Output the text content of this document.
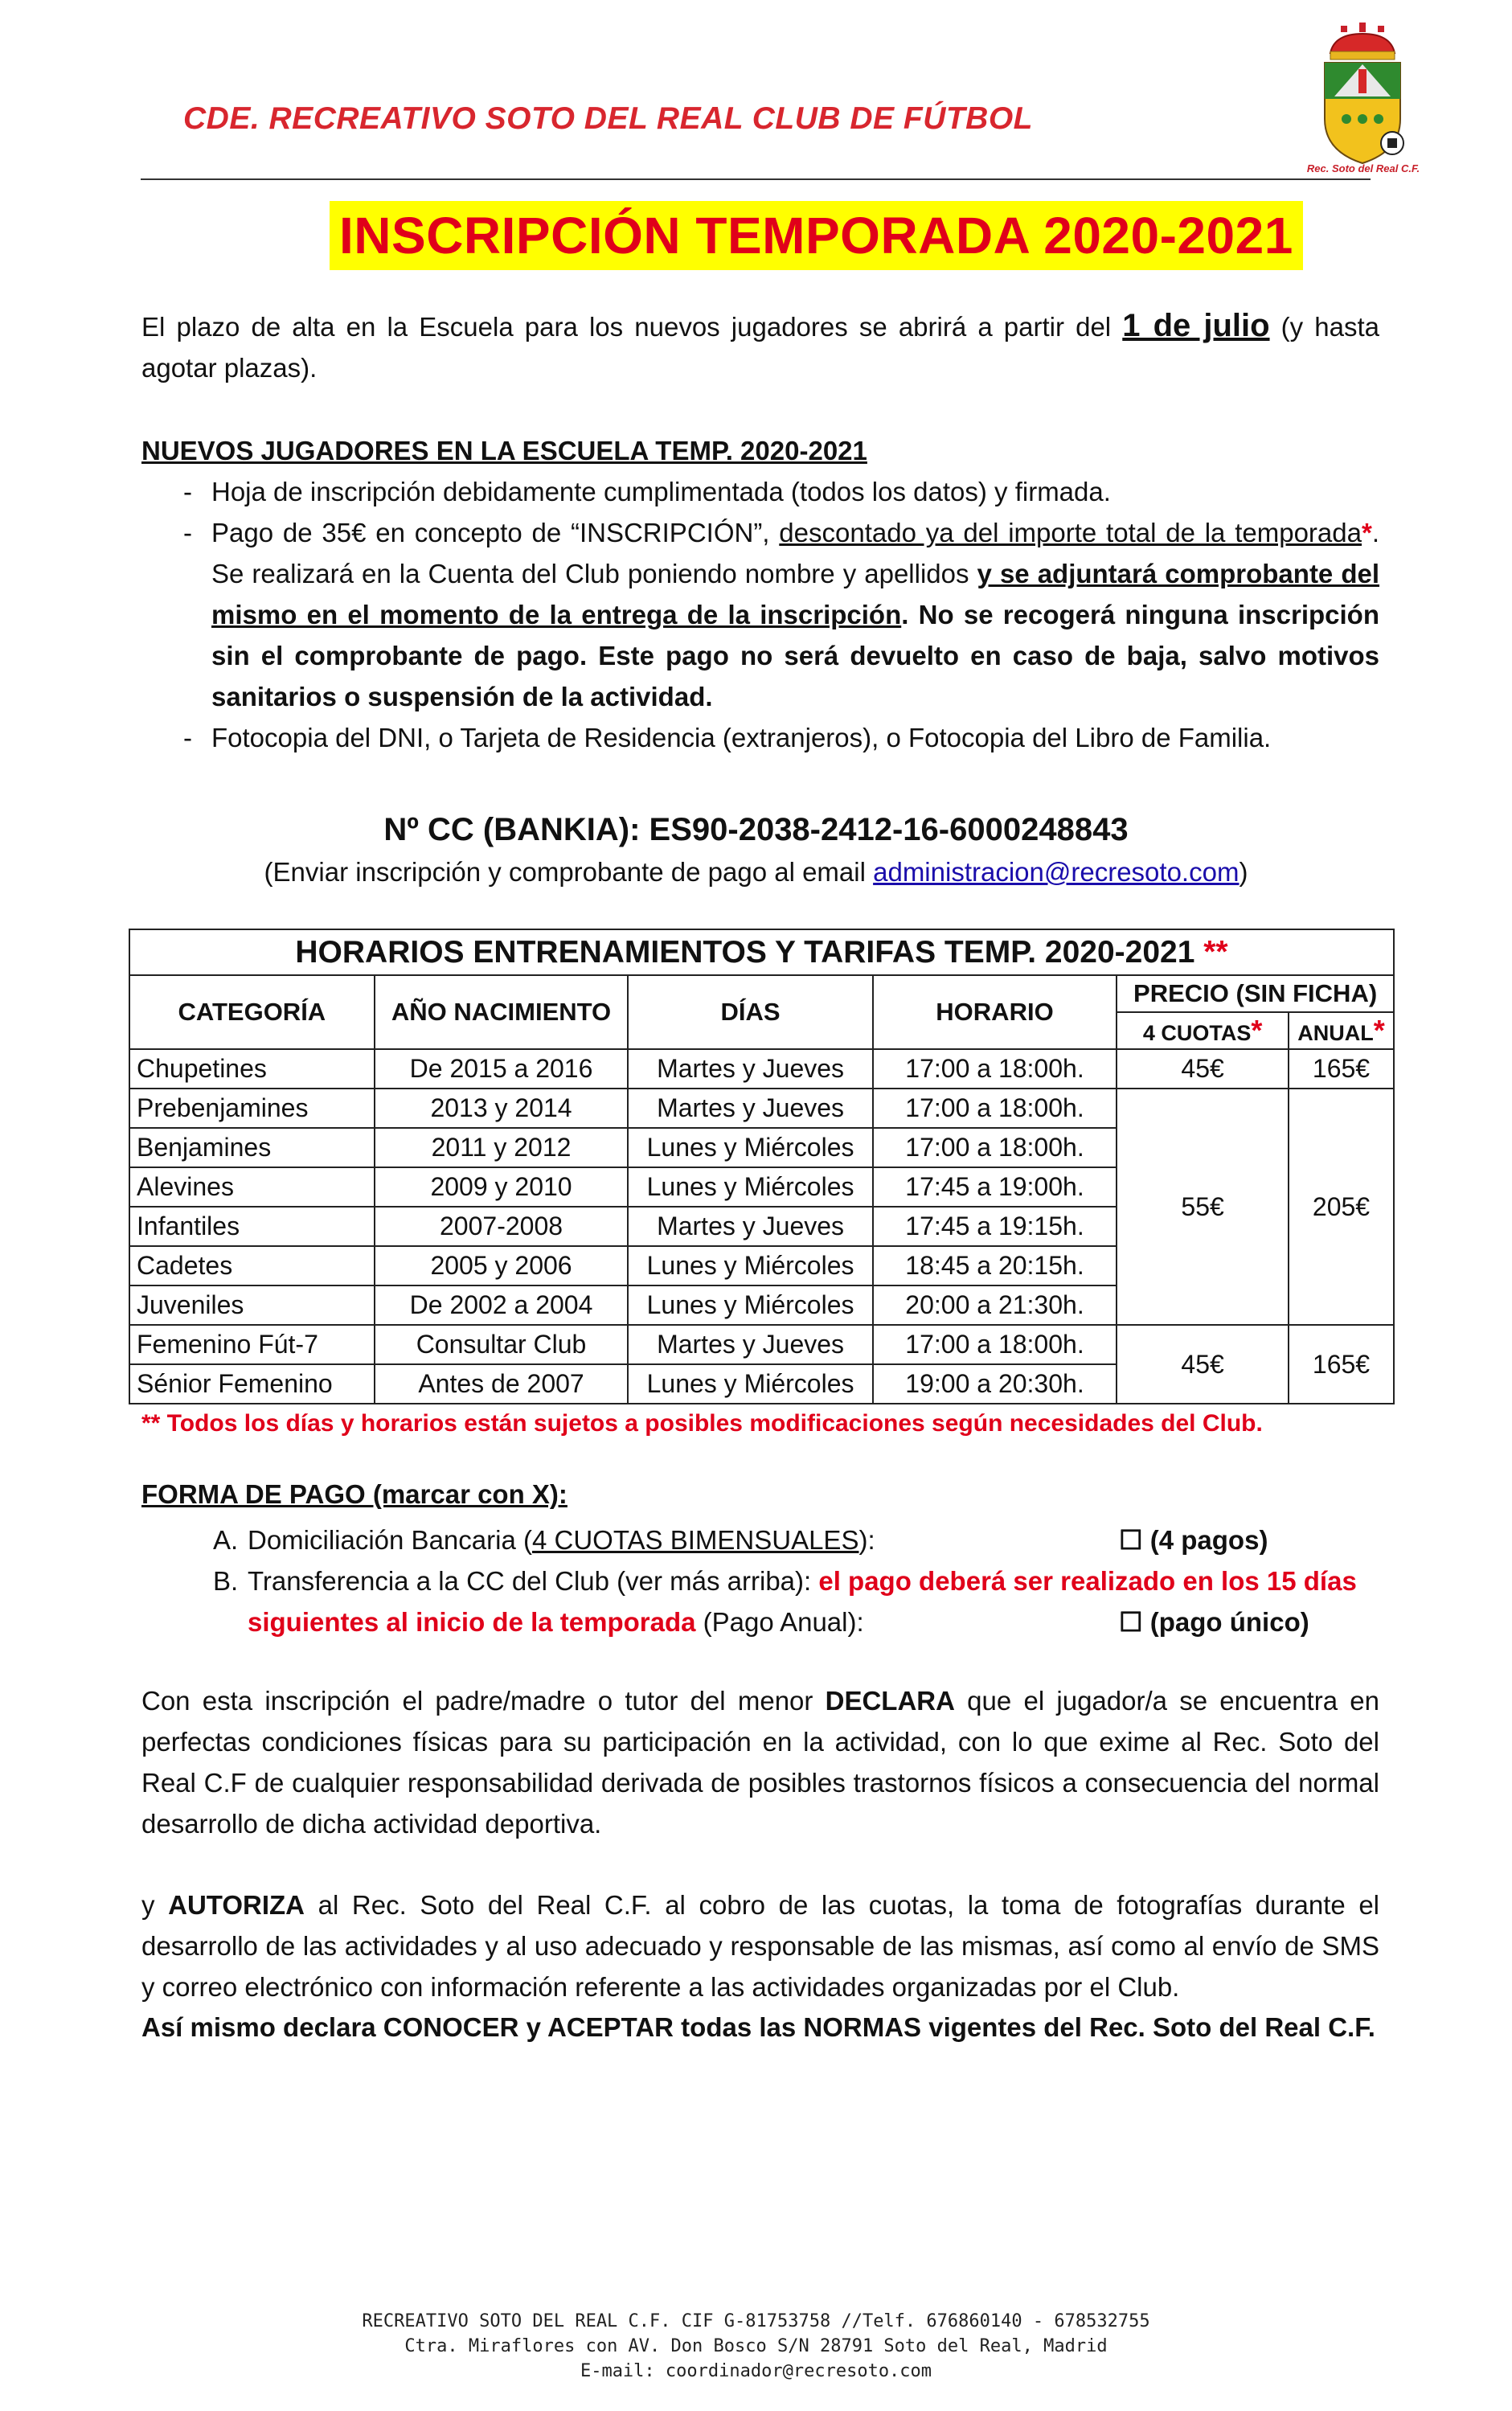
CDE. RECREATIVO SOTO DEL REAL CLUB DE FÚTBOL
Rec. Soto del Real C.F.
INSCRIPCIÓN TEMPORADA 2020-2021
El plazo de alta en la Escuela para los nuevos jugadores se abrirá a partir del 1 de julio (y hasta agotar plazas).
NUEVOS JUGADORES EN LA ESCUELA TEMP. 2020-2021
- Hoja de inscripción debidamente cumplimentada (todos los datos) y firmada.
- Pago de 35€ en concepto de “INSCRIPCIÓN”, descontado ya del importe total de la temporada*. Se realizará en la Cuenta del Club poniendo nombre y apellidos y se adjuntará comprobante del mismo en el momento de la entrega de la inscripción. No se recogerá ninguna inscripción sin el comprobante de pago. Este pago no será devuelto en caso de baja, salvo motivos sanitarios o suspensión de la actividad.
- Fotocopia del DNI, o Tarjeta de Residencia (extranjeros), o Fotocopia del Libro de Familia.
Nº CC (BANKIA): ES90-2038-2412-16-6000248843
(Enviar inscripción y comprobante de pago al email administracion@recresoto.com)
HORARIOS ENTRENAMIENTOS Y TARIFAS TEMP. 2020-2021 **					
CATEGORÍA	AÑO NACIMIENTO	DÍAS	HORARIO	PRECIO (SIN FICHA)	
				4 CUOTAS*	ANUAL*
Chupetines	De 2015 a 2016	Martes y Jueves	17:00 a 18:00h.	45€	165€
Prebenjamines	2013 y 2014	Martes y Jueves	17:00 a 18:00h.	55€	205€
Benjamines	2011 y 2012	Lunes y Miércoles	17:00 a 18:00h.		
Alevines	2009 y 2010	Lunes y Miércoles	17:45 a 19:00h.		
Infantiles	2007-2008	Martes y Jueves	17:45 a 19:15h.		
Cadetes	2005 y 2006	Lunes y Miércoles	18:45 a 20:15h.		
Juveniles	De 2002 a 2004	Lunes y Miércoles	20:00 a 21:30h.		
Femenino Fút-7	Consultar Club	Martes y Jueves	17:00 a 18:00h.	45€	165€
Sénior Femenino	Antes de 2007	Lunes y Miércoles	19:00 a 20:30h.		
** Todos los días y horarios están sujetos a posibles modificaciones según necesidades del Club.
FORMA DE PAGO (marcar con X):
A. Domiciliación Bancaria (4 CUOTAS BIMENSUALES):	☐ (4 pagos)
B. Transferencia a la CC del Club (ver más arriba): el pago deberá ser realizado en los 15 días siguientes al inicio de la temporada (Pago Anual):	☐ (pago único)
Con esta inscripción el padre/madre o tutor del menor DECLARA que el jugador/a se encuentra en perfectas condiciones físicas para su participación en la actividad, con lo que exime al Rec. Soto del Real C.F de cualquier responsabilidad derivada de posibles trastornos físicos a consecuencia del normal desarrollo de dicha actividad deportiva.
y AUTORIZA al Rec. Soto del Real C.F. al cobro de las cuotas, la toma de fotografías durante el desarrollo de las actividades y al uso adecuado y responsable de las mismas, así como al envío de SMS y correo electrónico con información referente a las actividades organizadas por el Club.
Así mismo declara CONOCER y ACEPTAR todas las NORMAS vigentes del Rec. Soto del Real C.F.
RECREATIVO SOTO DEL REAL C.F. CIF G-81753758 //Telf. 676860140 - 678532755
Ctra. Miraflores con AV. Don Bosco S/N 28791 Soto del Real, Madrid
E-mail: coordinador@recresoto.com
